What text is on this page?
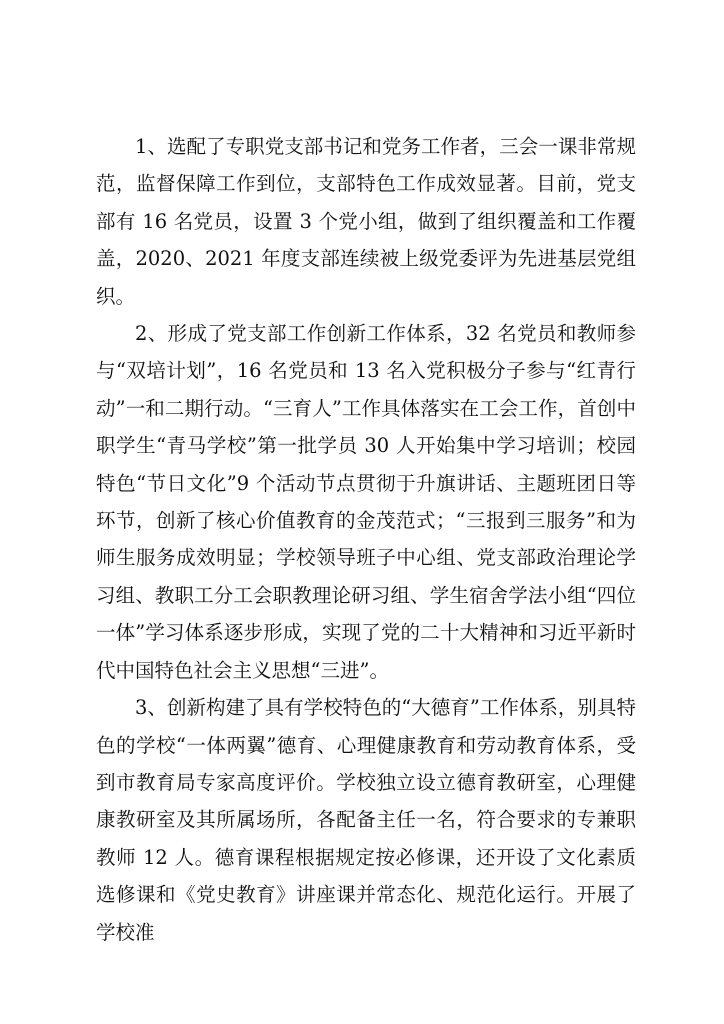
1、选配了专职党支部书记和党务工作者，三会一课非常规范，监督保障工作到位，支部特色工作成效显著。目前，党支部有 16 名党员，设置 3 个党小组，做到了组织覆盖和工作覆盖，2020、2021 年度支部连续被上级党委评为先进基层党组织。

2、形成了党支部工作创新工作体系，32 名党员和教师参与“双培计划”，16 名党员和 13 名入党积极分子参与“红青行动”一和二期行动。“三育人”工作具体落实在工会工作，首创中职学生“青马学校”第一批学员 30 人开始集中学习培训；校园特色“节日文化”9 个活动节点贯彻于升旗讲话、主题班团日等环节，创新了核心价值教育的金茂范式；“三报到三服务”和为师生服务成效明显；学校领导班子中心组、党支部政治理论学习组、教职工分工会职教理论研习组、学生宿舍学法小组“四位一体”学习体系逐步形成，实现了党的二十大精神和习近平新时代中国特色社会主义思想“三进”。

3、创新构建了具有学校特色的“大德育”工作体系，别具特色的学校“一体两翼”德育、心理健康教育和劳动教育体系，受到市教育局专家高度评价。学校独立设立德育教研室，心理健康教研室及其所属场所，各配备主任一名，符合要求的专兼职教师 12 人。德育课程根据规定按必修课，还开设了文化素质选修课和《党史教育》讲座课并常态化、规范化运行。开展了学校准
